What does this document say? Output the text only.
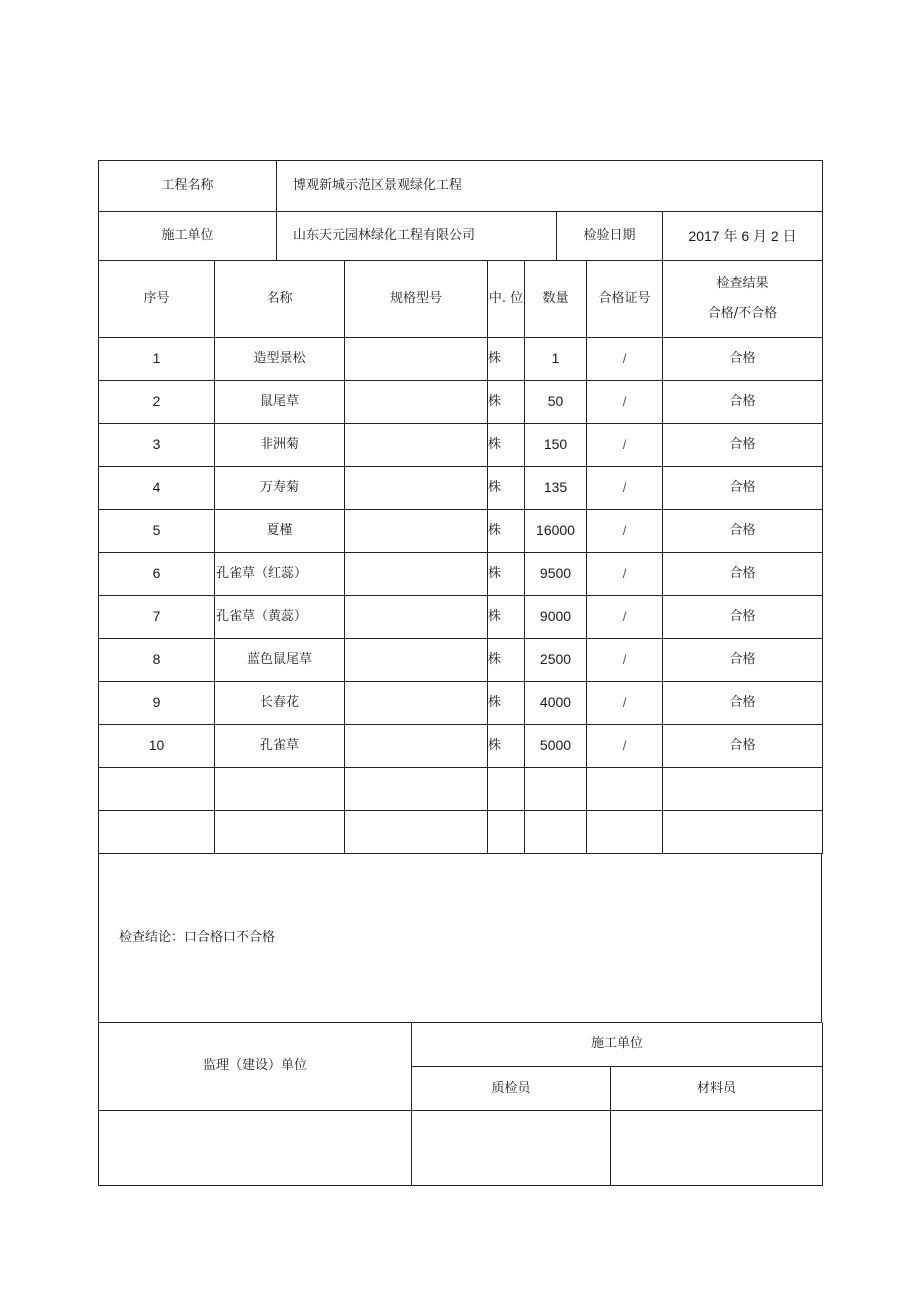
工程名称	博观新城示范区景观绿化工程		
施工单位	山东天元园林绿化工程有限公司	检验日期	2017 年 6 月 2 日
序号	名称	规格型号	中. 位	数量	合格证号	检查结果
合格/不合格

1	造型景松		株	1	/	合格
2	鼠尾草		株	50	/	合格
3	非洲菊		株	150	/	合格
4	万寿菊		株	135	/	合格
5	夏槿		株	16000	/	合格
6	孔雀草（红蕊）		株	9500	/	合格
7	孔雀草（黄蕊）		株	9000	/	合格
8	蓝色鼠尾草		株	2500	/	合格
9	长春花		株	4000	/	合格
10	孔雀草		株	5000	/	合格

检查结论：口合格口不合格
监理（建设）单位	施工单位	
	质检员	材料员
